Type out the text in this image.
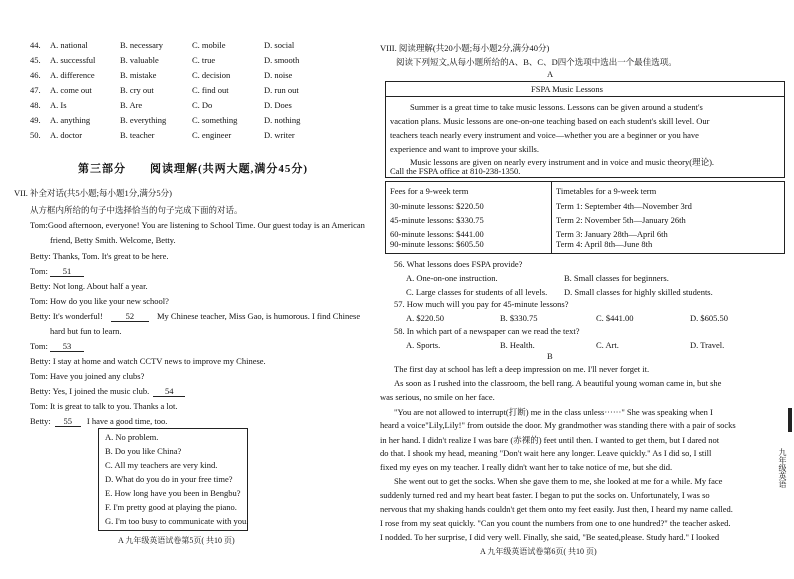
44. A. national	B. necessary	C. mobile	D. social
45. A. successful	B. valuable	C. true	D. smooth
46. A. difference	B. mistake	C. decision	D. noise
47. A. come out	B. cry out	C. find out	D. run out
48. A. Is	B. Are	C. Do	D. Does
49. A. anything	B. everything	C. something	D. nothing
50. A. doctor	B. teacher	C. engineer	D. writer
第三部分　　阅读理解(共两大题,满分45分)
VII. 补全对话(共5小题;每小题1分,满分5分)
从方框内所给的句子中选择恰当的句子完成下面的对话。
Tom:Good afternoon, everyone! You are listening to School Time. Our guest today is an American
friend, Betty Smith. Welcome, Betty.
Betty: Thanks, Tom. It's great to be here.
Tom: 51
Betty: Not long. About half a year.
Tom: How do you like your new school?
Betty: It's wonderful!	52	My Chinese teacher, Miss Gao, is humorous. I find Chinese
hard but fun to learn.
Tom: 53
Betty: I stay at home and watch CCTV news to improve my Chinese.
Tom: Have you joined any clubs?
Betty: Yes, I joined the music club. 54
Tom: It is great to talk to you. Thanks a lot.
Betty: 55 I have a good time, too.
A. No problem.
B. Do you like China?
C. All my teachers are very kind.
D. What do you do in your free time?
E. How long have you been in Bengbu?
F. I'm pretty good at playing the piano.
G. I'm too busy to communicate with you.
A 九年级英语试卷第5页( 共10 页)
VIII. 阅读理解(共20小题;每小题2分,满分40分)
阅读下列短文,从每小题所给的A、B、C、D四个选项中选出一个最佳选项。
A
FSPA Music Lessons
Summer is a great time to take music lessons. Lessons can be given around a student's
vacation plans. Music lessons are one-on-one teaching based on each student's skill level. Our
teachers teach nearly every instrument and voice—whether you are a beginner or you have
experience and want to improve your skills.
Music lessons are given on nearly every instrument and in voice and music theory(理论).
Call the FSPA office at 810-238-1350.
Fees for a 9-week term
30-minute lessons: $220.50
45-minute lessons: $330.75
60-minute lessons: $441.00
90-minute lessons: $605.50
Timetables for a 9-week term
Term 1: September 4th—November 3rd
Term 2: November 5th—January 26th
Term 3: January 28th—April 6th
Term 4: April 8th—June 8th
56. What lessons does FSPA provide?
A. One-on-one instruction.	B. Small classes for beginners.
C. Large classes for students of all levels. D. Small classes for highly skilled students.
57. How much will you pay for 45-minute lessons?
A. $220.50	B. $330.75	C. $441.00	D. $605.50
58. In which part of a newspaper can we read the text?
A. Sports.	B. Health.	C. Art.	D. Travel.
B
The first day at school has left a deep impression on me. I'll never forget it.
As soon as I rushed into the classroom, the bell rang. A beautiful young woman came in, but she
was serious, no smile on her face.
"You are not allowed to interrupt(打断) me in the class unless······" She was speaking when I
heard a voice"Lily,Lily!" from outside the door. My grandmother was standing there with a pair of socks
in her hand. I didn't realize I was bare (赤裸的) feet until then. I wanted to get them, but I dared not
do that. I shook my head, meaning "Don't wait here any longer. Leave quickly." As I did so, I still
fixed my eyes on my teacher. I really didn't want her to take notice of me, but she did.
She went out to get the socks. When she gave them to me, she looked at me for a while. My face
suddenly turned red and my heart beat faster. I began to put the socks on. Unfortunately, I was so
nervous that my shaking hands couldn't get them onto my feet easily. Just then, I heard my name called.
I rose from my seat quickly. "Can you count the numbers from one to one hundred?" the teacher asked.
I nodded. To her surprise, I did very well. Finally, she said, "Be seated,please. Study hard." I looked
A 九年级英语试卷第6页( 共10 页)
九年级英语
